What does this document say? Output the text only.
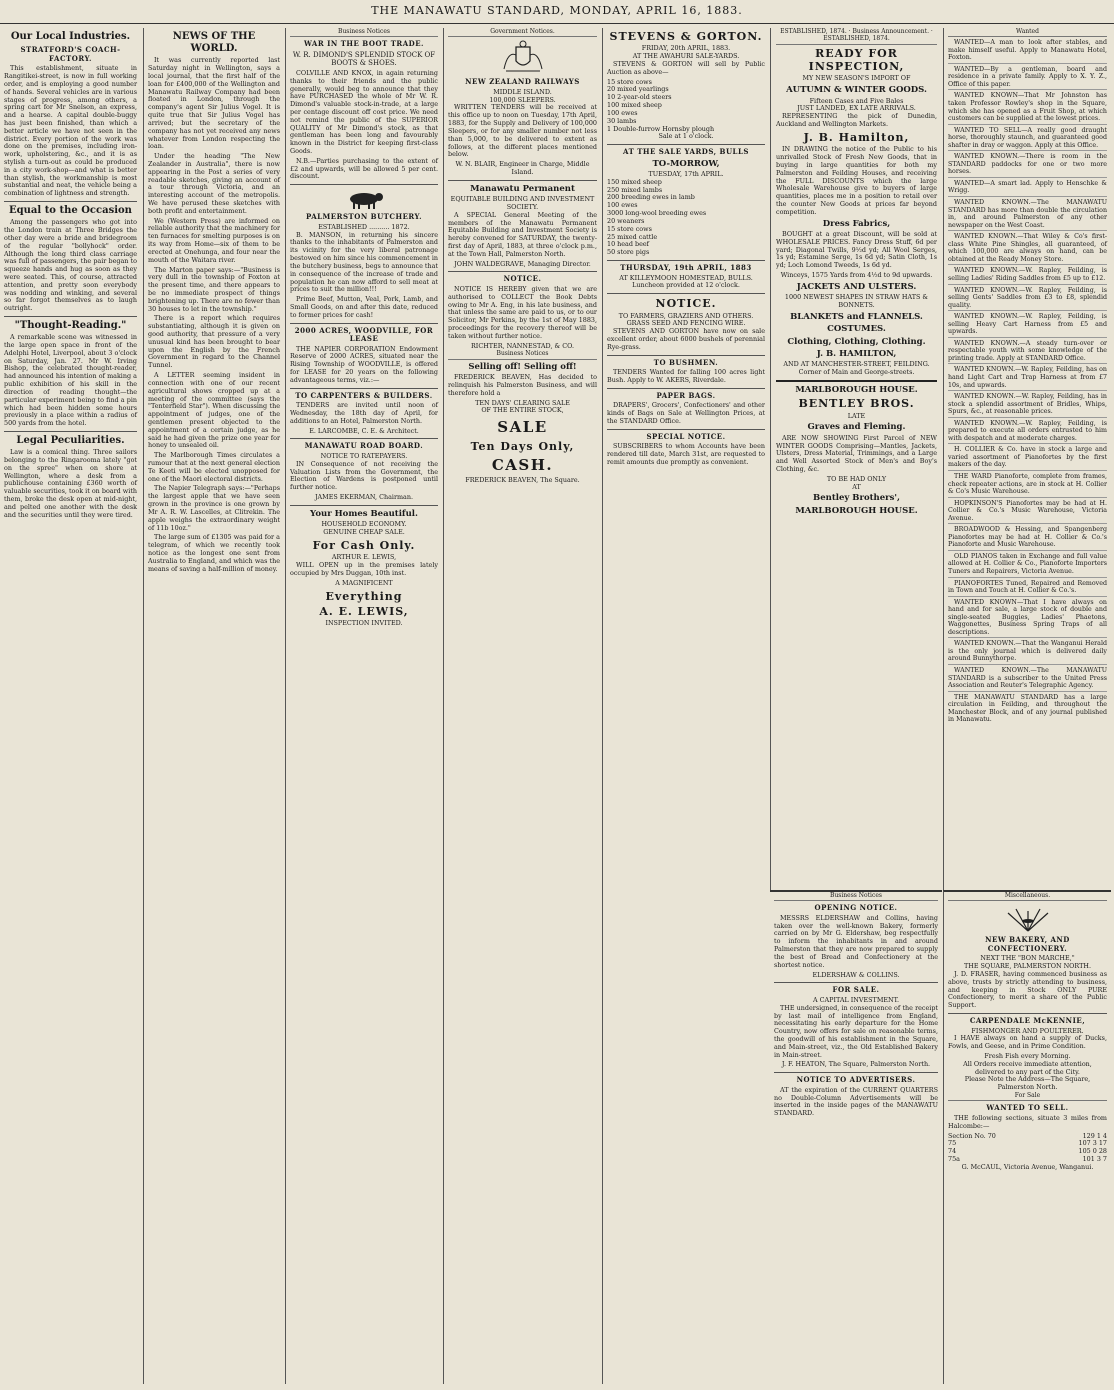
THE MANAWATU STANDARD, MONDAY, APRIL 16, 1883.
Our Local Industries.
STRATFORD'S COACH-FACTORY.

This establishment, situate in Rangitikei-street, is now in full working order, and is employing a good number of hands. Several vehicles are in various stages of progress, among others, a spring cart for Mr Snelson, an express, and a hearse. A capital double-buggy has just been finished, than which a better article we have not seen in the district. Every portion of the work was done on the premises, including iron-work, upholstering, &c., and it is as stylish a turn-out as could be produced in a city work-shop—and what is better than stylish, the workmanship is most substantial and neat, the vehicle being a combination of lightness and strength.

Equal to the Occasion

Among the passengers who got into the London train at Three Bridges the other day were a bride and bridegroom of the regular "bollyhock" order. Although the long third class carriage was full of passengers, the pair began to squeeze hands and hug as soon as they were seated. This, of course, attracted attention, and pretty soon everybody was nodding and winking, and several so far forgot themselves as to laugh outright.

"Thought-Reading."

A remarkable scene was witnessed in the large open space in front of the Adelphi Hotel, Liverpool, about 3 o'clock on Saturday, Jan. 27. Mr W. Irving Bishop, the celebrated thought-reader, had announced his intention of making a public exhibition of his skill in the direction of reading thought—the particular experiment being to find a pin which had been hidden some hours previously in a place within a radius of 500 yards from the hotel.

Legal Peculiarities.

Law is a comical thing. Three sailors belonging to the Ringarooma lately "got on the spree" when on shore at Wellington, where a desk from a publichouse containing £360 worth of valuable securities, took it on board with them, broke the desk open at mid-night, and pelted one another with the desk and the securities until they were tired.

NEWS OF THE WORLD.

It was currently reported last Saturday night in Wellington, says a local journal, that the first half of the loan for £400,000 of the Wellington and Manawatu Railway Company had been floated in London, through the company's agent Sir Julius Vogel. It is quite true that Sir Julius Vogel has arrived; but the secretary of the company has not yet received any news whatever from London respecting the loan.

Under the heading "The New Zealander in Australia", there is now appearing in the Post a series of very readable sketches, giving an account of a tour through Victoria, and an interesting account of the metropolis. We have perused these sketches with both profit and entertainment.

We (Western Press) are informed on reliable authority that the machinery for ten furnaces for smelting purposes is on its way from Home—six of them to be erected at Onehunga, and four near the mouth of the Waitara river.

The Marton paper says:—"Business is very dull in the township of Foxton at the present time, and there appears to be no immediate prospect of things brightening up. There are no fewer than 30 houses to let in the township."

There is a report which requires substantiating, although it is given on good authority, that pressure of a very unusual kind has been brought to bear upon the English by the French Government in regard to the Channel Tunnel.

A LETTER seeming insident in connection with one of our recent agricultural shows cropped up at a meeting of the committee (says the "Tenterfield Star"). When discussing the appointment of judges, one of the gentlemen present objected to the appointment of a certain judge, as he said he had given the prize one year for honey to unsealed oil.

The Marlborough Times circulates a rumour that at the next general election Te Keeti will be elected unopposed for one of the Maori electoral districts.

The Napier Telegraph says:—"Perhaps the largest apple that we have seen grown in the province is one grown by Mr A. R. W. Lascelles, at Clitrekin. The apple weighs the extraordinary weight of 11b 10oz."

The large sum of £1305 was paid for a telegram, of which we recently took notice as the longest one sent from Australia to England, and which was the means of saving a half-million of money.

Business Notices
WAR IN THE BOOT TRADE.
W. R. DIMOND'S SPLENDID STOCK OF BOOTS & SHOES.

COLVILLE AND KNOX, in again returning thanks to their friends and the public generally, would beg to announce that they have PURCHASED the whole of Mr W. R. Dimond's valuable stock-in-trade, at a large per centage discount off cost price. We need not remind the public of the SUPERIOR QUALITY of Mr Dimond's stock, as that gentleman has been long and favourably known in the District for keeping first-class Goods.

N.B.—Parties purchasing to the extent of £2 and upwards, will be allowed 5 per cent. discount.

PALMERSTON BUTCHERY.
ESTABLISHED .......... 1872.

B. MANSON, in returning his sincere thanks to the inhabitants of Palmerston and its vicinity for the very liberal patronage bestowed on him since his commencement in the butchery business, begs to announce that in consequence of the increase of trade and population he can now afford to sell meat at prices to suit the million!!!

Prime Beef, Mutton, Veal, Pork, Lamb, and Small Goods, on and after this date, reduced to former prices for cash!

2000 ACRES, WOODVILLE, FOR LEASE

THE NAPIER CORPORATION Endowment Reserve of 2000 ACRES, situated near the Rising Township of WOODVILLE, is offered for LEASE for 20 years on the following advantageous terms, viz.:—

TO CARPENTERS & BUILDERS.

TENDERS are invited until noon of Wednesday, the 18th day of April, for additions to an Hotel, Palmerston North.

E. LARCOMBE, C. E. & Architect.
MANAWATU ROAD BOARD.
NOTICE TO RATEPAYERS.

IN Consequence of not receiving the Valuation Lists from the Government, the Election of Wardens is postponed until further notice.

JAMES EKERMAN, Chairman.
Your Homes Beautiful.
HOUSEHOLD ECONOMY.
GENUINE CHEAP SALE.
For Cash Only.
ARTHUR E. LEWIS,

WILL OPEN up in the premises lately occupied by Mrs Duggan, 10th inst.

A MAGNIFICENT
Everything
A. E. LEWIS,
INSPECTION INVITED.
Government Notices.
NEW ZEALAND RAILWAYS
MIDDLE ISLAND.
100,000 SLEEPERS.

WRITTEN TENDERS will be received at this office up to noon on Tuesday, 17th April, 1883, for the Supply and Delivery of 100,000 Sleepers, or for any smaller number not less than 5,000, to be delivered to extent as follows, at the different places mentioned below.

W. N. BLAIR, Engineer in Charge, Middle Island.
Manawatu Permanent
EQUITABLE BUILDING AND INVESTMENT SOCIETY.

A SPECIAL General Meeting of the members of the Manawatu Permanent Equitable Building and Investment Society is hereby convened for SATURDAY, the twenty-first day of April, 1883, at three o'clock p.m., at the Town Hall, Palmerston North.

JOHN WALDEGRAVE, Managing Director.
NOTICE.

NOTICE IS HEREBY given that we are authorised to COLLECT the Book Debts owing to Mr A. Eng, in his late business, and that unless the same are paid to us, or to our Solicitor, Mr Perkins, by the 1st of May 1883, proceedings for the recovery thereof will be taken without further notice.

RICHTER, NANNESTAD, & CO.
Business Notices
Selling off! Selling off!

FREDERICK BEAVEN, Has decided to relinquish his Palmerston Business, and will therefore hold a

TEN DAYS' CLEARING SALE
OF THE ENTIRE STOCK,
SALE
Ten Days Only,
CASH.
FREDERICK BEAVEN, The Square.
STEVENS & GORTON.
FRIDAY, 20th APRIL, 1883.
AT THE AWAHURI SALE-YARDS.

STEVENS & GORTON will sell by Public Auction as above—

15 store cows
20 mixed yearlings
10 2-year-old steers
100 mixed sheep
100 ewes
30 lambs
1 Double-furrow Hornsby plough
Sale at 1 o'clock.
AT THE SALE YARDS, BULLS
TO-MORROW,
TUESDAY, 17th APRIL.
150 mixed sheep
250 mixed lambs
200 breeding ewes in lamb
100 ewes
3000 long-wool breeding ewes
20 weaners
15 store cows
25 mixed cattle
10 head beef
50 store pigs
THURSDAY, 19th APRIL, 1883
AT KILLEYMOON HOMESTEAD, BULLS.
Luncheon provided at 12 o'clock.
NOTICE.
TO FARMERS, GRAZIERS AND OTHERS.
GRASS SEED AND FENCING WIRE.

STEVENS AND GORTON have now on sale excellent order, about 6000 bushels of perennial Rye-grass.

TO BUSHMEN.

TENDERS Wanted for falling 100 acres light Bush. Apply to W. AKERS, Riverdale.

PAPER BAGS.

DRAPERS', Grocers', Confectioners' and other kinds of Bags on Sale at Wellington Prices, at the STANDARD Office.

SPECIAL NOTICE.

SUBSCRIBERS to whom Accounts have been rendered till date, March 31st, are requested to remit amounts due promptly as convenient.

ESTABLISHED, 1874. · Business Announcement. · ESTABLISHED, 1874.
READY FOR INSPECTION,
MY NEW SEASON'S IMPORT OF
AUTUMN & WINTER GOODS.
Fifteen Cases and Five Bales
JUST LANDED, EX LATE ARRIVALS.

REPRESENTING the pick of Dunedin, Auckland and Wellington Markets.

J. B. Hamilton,

IN DRAWING the notice of the Public to his unrivalled Stock of Fresh New Goods, that in buying in large quantities for both my Palmerston and Feilding Houses, and receiving the FULL DISCOUNTS which the large Wholesale Warehouse give to buyers of large quantities, places me in a position to retail over the counter New Goods at prices far beyond competition.

Dress Fabrics,

BOUGHT at a great Discount, will be sold at WHOLESALE PRICES. Fancy Dress Stuff, 6d per yard; Diagonal Twills, 9½d yd; All Wool Serges, 1s yd; Estamine Serge, 1s 6d yd; Satin Cloth, 1s yd; Loch Lomond Tweeds, 1s 6d yd.

Winceys, 1575 Yards from 4½d to 9d upwards.
JACKETS AND ULSTERS.
1000 NEWEST SHAPES IN STRAW HATS & BONNETS.
BLANKETS and FLANNELS.
COSTUMES.
Clothing, Clothing, Clothing.
J. B. HAMILTON,
AND AT MANCHESTER-STREET, FEILDING.
Corner of Main and George-streets.
MARLBOROUGH HOUSE.
BENTLEY BROS.
LATE
Graves and Fleming.

ARE NOW SHOWING First Parcel of NEW WINTER GOODS Comprising—Mantles, Jackets, Ulsters, Dress Material, Trimmings, and a Large and Well Assorted Stock of Men's and Boy's Clothing, &c.

TO BE HAD ONLY
AT
Bentley Brothers',
MARLBOROUGH HOUSE.
Wanted

WANTED—A man to look after stables, and make himself useful. Apply to Manawatu Hotel, Foxton.

WANTED—By a gentleman, board and residence in a private family. Apply to X. Y. Z., Office of this paper.

WANTED KNOWN—That Mr Johnston has taken Professor Rowley's shop in the Square, which she has opened as a Fruit Shop, at which customers can be supplied at the lowest prices.

WANTED TO SELL—A really good draught horse, thoroughly staunch, and guaranteed good shafter in dray or waggon. Apply at this Office.

WANTED KNOWN.—There is room in the STANDARD paddocks for one or two more horses.

WANTED—A smart lad. Apply to Henschke & Wrigg.

WANTED KNOWN.—The MANAWATU STANDARD has more than double the circulation in, and around Palmerston of any other newspaper on the West Coast.

WANTED KNOWN.—That Wiley & Co's first-class White Pine Shingles, all guaranteed, of which 100,000 are always on hand, can be obtained at the Ready Money Store.

WANTED KNOWN.—W. Rapley, Feilding, is selling Ladies' Riding Saddles from £5 up to £12.

WANTED KNOWN.—W. Rapley, Feilding, is selling Gents' Saddles from £3 to £8, splendid quality.

WANTED KNOWN.—W. Rapley, Feilding, is selling Heavy Cart Harness from £5 and upwards.

WANTED KNOWN.—A steady turn-over or respectable youth with some knowledge of the printing trade. Apply at STANDARD Office.

WANTED KNOWN.—W. Rapley, Feilding, has on hand Light Cart and Trap Harness at from £7 10s, and upwards.

WANTED KNOWN.—W. Rapley, Feilding, has in stock a splendid assortment of Bridles, Whips, Spurs, &c., at reasonable prices.

WANTED KNOWN.—W. Rapley, Feilding, is prepared to execute all orders entrusted to him with despatch and at moderate charges.

H. COLLIER & Co. have in stock a large and varied assortment of Pianofortes by the first makers of the day.

THE WARD Pianoforte, complete from frames, check repeater actions, are in stock at H. Collier & Co's Music Warehouse.

HOPKINSON'S Pianofortes may be had at H. Collier & Co.'s Music Warehouse, Victoria Avenue.

BROADWOOD & Hessing, and Spangenberg Pianofortes may be had at H. Collier & Co.'s Pianoforte and Music Warehouse.

OLD PIANOS taken in Exchange and full value allowed at H. Collier & Co., Pianoforte Importers Tuners and Repairers, Victoria Avenue.

PIANOFORTES Tuned, Repaired and Removed in Town and Touch at H. Collier & Co.'s.

WANTED KNOWN—That I have always on hand and for sale, a large stock of double and single-seated Buggies, Ladies' Phaetons, Waggonettes, Business Spring Traps of all descriptions.

WANTED KNOWN.—That the Wanganui Herald is the only journal which is delivered daily around Bunnythorpe.

WANTED KNOWN.—The MANAWATU STANDARD is a subscriber to the United Press Association and Reuter's Telegraphic Agency.

THE MANAWATU STANDARD has a large circulation in Feilding, and throughout the Manchester Block, and of any journal published in Manawatu.

Business Notices
OPENING NOTICE.

MESSRS ELDERSHAW and Collins, having taken over the well-known Bakery, formerly carried on by Mr G. Eldershaw, beg respectfully to inform the inhabitants in and around Palmerston that they are now prepared to supply the best of Bread and Confectionery at the shortest notice.

ELDERSHAW & COLLINS.
FOR SALE.
A CAPITAL INVESTMENT.

THE undersigned, in consequence of the receipt by last mail of intelligence from England, necessitating his early departure for the Home Country, now offers for sale on reasonable terms, the goodwill of his establishment in the Square, and Main-street, viz., the Old Established Bakery in Main-street.

J. F. HEATON, The Square, Palmerston North.
NOTICE TO ADVERTISERS.

AT the expiration of the CURRENT QUARTERS no Double-Column Advertisements will be inserted in the inside pages of the MANAWATU STANDARD.

Miscellaneous.
NEW BAKERY, AND CONFECTIONERY.
NEXT THE "BON MARCHE,"
THE SQUARE, PALMERSTON NORTH.

J. D. FRASER, having commenced business as above, trusts by strictly attending to business, and keeping in Stock ONLY PURE Confectionery, to merit a share of the Public Support.

CARPENDALE McKENNIE,
FISHMONGER AND POULTERER.

I HAVE always on hand a supply of Ducks, Fowls, and Geese, and in Prime Condition.

Fresh Fish every Morning.
All Orders receive immediate attention, delivered to any part of the City.
Please Note the Address—The Square, Palmerston North.
For Sale
WANTED TO SELL.

THE following sections, situate 3 miles from Halcombe:—

Section No. 70	129 1 4
75	107 3 17
74	105 0 28
75a	101 3 7
G. McCAUL, Victoria Avenue, Wanganui.
